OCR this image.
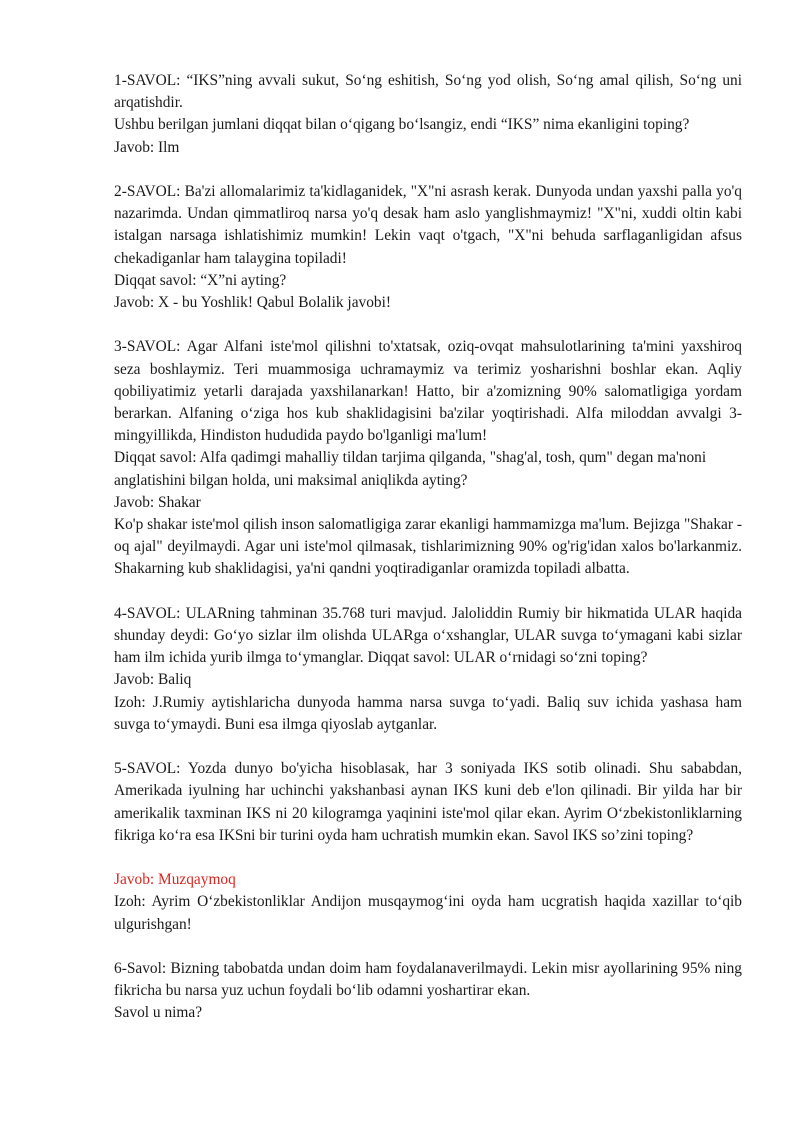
1-SAVOL: “IKS”ning avvali sukut, So‘ng eshitish, So‘ng yod olish, So‘ng amal qilish, So‘ng uni arqatishdir.

Ushbu berilgan jumlani diqqat bilan o‘qigang bo‘lsangiz, endi “IKS” nima ekanligini toping?

Javob: Ilm

2-SAVOL: Ba'zi allomalarimiz ta'kidlaganidek, "X"ni asrash kerak. Dunyoda undan yaxshi palla yo'q nazarimda. Undan qimmatliroq narsa yo'q desak ham aslo yanglishmaymiz! "X"ni, xuddi oltin kabi istalgan narsaga ishlatishimiz mumkin! Lekin vaqt o'tgach, "X"ni behuda sarflaganligidan afsus chekadiganlar ham talaygina topiladi!

Diqqat savol: “X”ni ayting?

Javob: X - bu Yoshlik! Qabul Bolalik javobi!

3-SAVOL: Agar Alfani iste'mol qilishni to'xtatsak, oziq-ovqat mahsulotlarining ta'mini yaxshiroq seza boshlaymiz. Teri muammosiga uchramaymiz va terimiz yosharishni boshlar ekan. Aqliy qobiliyatimiz yetarli darajada yaxshilanarkan! Hatto, bir a'zomizning 90% salomatligiga yordam berarkan. Alfaning o‘ziga hos kub shaklidagisini ba'zilar yoqtirishadi. Alfa miloddan avvalgi 3-mingyillikda, Hindiston hududida paydo bo'lganligi ma'lum!

Diqqat savol: Alfa qadimgi mahalliy tildan tarjima qilganda, "shag'al, tosh, qum" degan ma'noni anglatishini bilgan holda, uni maksimal aniqlikda ayting?

Javob: Shakar

Ko'p shakar iste'mol qilish inson salomatligiga zarar ekanligi hammamizga ma'lum. Bejizga "Shakar - oq ajal" deyilmaydi. Agar uni iste'mol qilmasak, tishlarimizning 90% og'rig'idan xalos bo'larkanmiz. Shakarning kub shaklidagisi, ya'ni qandni yoqtiradiganlar oramizda topiladi albatta.

4-SAVOL: ULARning tahminan 35.768 turi mavjud. Jaloliddin Rumiy bir hikmatida ULAR haqida shunday deydi: Go‘yo sizlar ilm olishda ULARga o‘xshanglar, ULAR suvga to‘ymagani kabi sizlar ham ilm ichida yurib ilmga to‘ymanglar. Diqqat savol: ULAR o‘rnidagi so‘zni toping?

Javob: Baliq

Izoh: J.Rumiy aytishlaricha dunyoda hamma narsa suvga to‘yadi. Baliq suv ichida yashasa ham suvga to‘ymaydi. Buni esa ilmga qiyoslab aytganlar.

5-SAVOL: Yozda dunyo bo'yicha hisoblasak, har 3 soniyada IKS sotib olinadi. Shu sababdan, Amerikada iyulning har uchinchi yakshanbasi aynan IKS kuni deb e'lon qilinadi. Bir yilda har bir amerikalik taxminan IKS ni 20 kilogramga yaqinini iste'mol qilar ekan. Ayrim O‘zbekistonliklarning fikriga ko‘ra esa IKSni bir turini oyda ham uchratish mumkin ekan. Savol IKS so’zini toping?

Javob: Muzqaymoq

Izoh: Ayrim O‘zbekistonliklar Andijon musqaymog‘ini oyda ham ucgratish haqida xazillar to‘qib ulgurishgan!

6-Savol: Bizning tabobatda undan doim ham foydalanaverilmaydi. Lekin misr ayollarining 95% ning fikricha bu narsa yuz uchun foydali bo‘lib odamni yoshartirar ekan.

Savol u nima?
